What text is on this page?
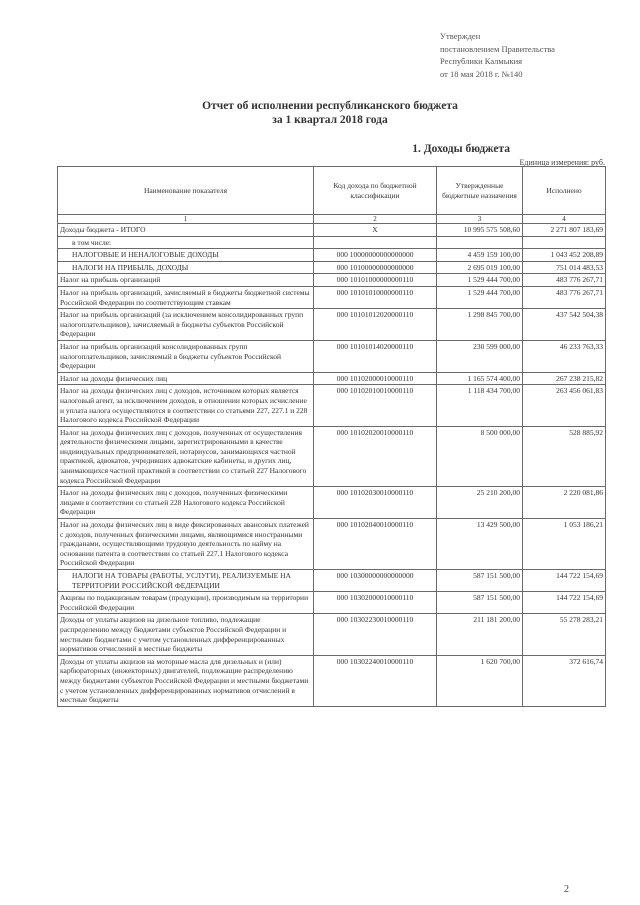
Утвержден
постановлением Правительства
Республики Калмыкия
от 18 мая 2018 г. №140
Отчет об исполнении республиканского бюджета
за 1 квартал 2018 года
1. Доходы бюджета
Единица измерения: руб.
Наименование показателя	Код дохода по бюджетной классификации	Утвержденные бюджетные назначения	Исполнено
1	2	3	4
Доходы бюджета - ИТОГО	Х	10 995 575 508,60	2 271 807 183,69
в том числе:			
НАЛОГОВЫЕ И НЕНАЛОГОВЫЕ ДОХОДЫ	000 10000000000000000	4 459 159 100,00	1 043 452 208,89
НАЛОГИ НА ПРИБЫЛЬ, ДОХОДЫ	000 10100000000000000	2 695 019 100,00	751 014 483,53
Налог на прибыль организаций	000 10101000000000110	1 529 444 700,00	483 776 267,71
Налог на прибыль организаций, зачисляемый в бюджеты бюджетной системы Российской Федерации по соответствующим ставкам	000 10101010000000110	1 529 444 700,00	483 776 267,71
Налог на прибыль организаций (за исключением консолидированных групп налогоплательщиков), зачисляемый в бюджеты субъектов Российской Федерации	000 10101012020000110	1 298 845 700,00	437 542 504,38
Налог на прибыль организаций консолидированных групп налогоплательщиков, зачисляемый в бюджеты субъектов Российской Федерации	000 10101014020000110	230 599 000,00	46 233 763,33
Налог на доходы физических лиц	000 10102000010000110	1 165 574 400,00	267 238 215,82
Налог на доходы физических лиц с доходов, источником которых является налоговый агент, за исключением доходов, в отношении которых исчисление и уплата налога осуществляются в соответствии со статьями 227, 227.1 и 228 Налогового кодекса Российской Федерации	000 10102010010000110	1 118 434 700,00	263 456 061,83
Налог на доходы физических лиц с доходов, полученных от осуществления деятельности физическими лицами, зарегистрированными в качестве индивидуальных предпринимателей, нотариусов, занимающихся частной практикой, адвокатов, учредивших адвокатские кабинеты, и других лиц, занимающихся частной практикой в соответствии со статьей 227 Налогового кодекса Российской Федерации	000 10102020010000110	8 500 000,00	528 885,92
Налог на доходы физических лиц с доходов, полученных физическими лицами в соответствии со статьей 228 Налогового кодекса Российской Федерации	000 10102030010000110	25 210 200,00	2 220 081,86
Налог на доходы физических лиц в виде фиксированных авансовых платежей с доходов, полученных физическими лицами, являющимися иностранными гражданами, осуществляющими трудовую деятельность по найму на основании патента в соответствии со статьей 227.1 Налогового кодекса Российской Федерации	000 10102040010000110	13 429 500,00	1 053 186,21
НАЛОГИ НА ТОВАРЫ (РАБОТЫ, УСЛУГИ), РЕАЛИЗУЕМЫЕ НА ТЕРРИТОРИИ РОССИЙСКОЙ ФЕДЕРАЦИИ	000 10300000000000000	587 151 500,00	144 722 154,69
Акцизы по подакцизным товарам (продукции), производимым на территории Российской Федерации	000 10302000010000110	587 151 500,00	144 722 154,69
Доходы от уплаты акцизов на дизельное топливо, подлежащие распределению между бюджетами субъектов Российской Федерации и местными бюджетами с учетом установленных дифференцированных нормативов отчислений в местные бюджеты	000 10302230010000110	211 181 200,00	55 278 283,21
Доходы от уплаты акцизов на моторные масла для дизельных и (или) карбюраторных (инжекторных) двигателей, подлежащие распределению между бюджетами субъектов Российской Федерации и местными бюджетами с учетом установленных дифференцированных нормативов отчислений в местные бюджеты	000 10302240010000110	1 620 700,00	372 616,74
2
